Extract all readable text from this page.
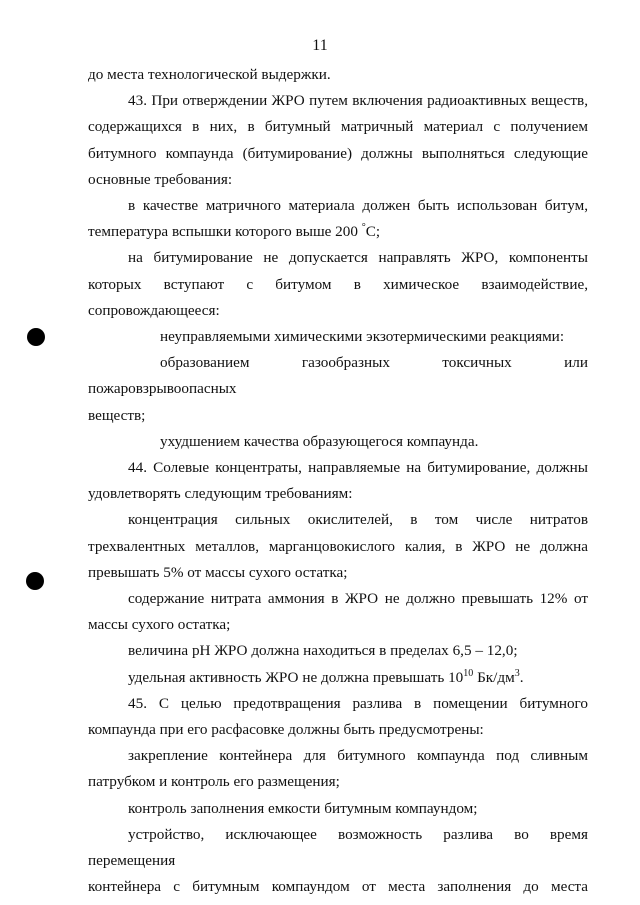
11

до места технологической выдержки.

43. При отверждении ЖРО путем включения радиоактивных веществ,

содержащихся в них, в битумный матричный материал с получением

битумного компаунда (битумирование) должны выполняться следующие

основные требования:

в качестве матричного материала должен быть использован битум,

температура вспышки которого выше 200 °С;

на битумирование не допускается направлять ЖРО, компоненты

которых вступают с битумом в химическое взаимодействие,

сопровождающееся:

неуправляемыми химическими экзотермическими реакциями:

образованием газообразных токсичных или пожаровзрывоопасных

веществ;

ухудшением качества образующегося компаунда.

44. Солевые концентраты, направляемые на битумирование, должны

удовлетворять следующим требованиям:

концентрация сильных окислителей, в том числе нитратов

трехвалентных металлов, марганцовокислого калия, в ЖРО не должна

превышать 5% от массы сухого остатка;

содержание нитрата аммония в ЖРО не должно превышать 12% от

массы сухого остатка;

величина pH ЖРО должна находиться в пределах 6,5 – 12,0;

удельная активность ЖРО не должна превышать $10^{10}$ $Бк/дм^3$.

45. С целью предотвращения разлива в помещении битумного

компаунда при его расфасовке должны быть предусмотрены:

закрепление контейнера для битумного компаунда под сливным

патрубком и контроль его размещения;

контроль заполнения емкости битумным компаундом;

устройство, исключающее возможность разлива во время перемещения

контейнера с битумным компаундом от места заполнения до места
